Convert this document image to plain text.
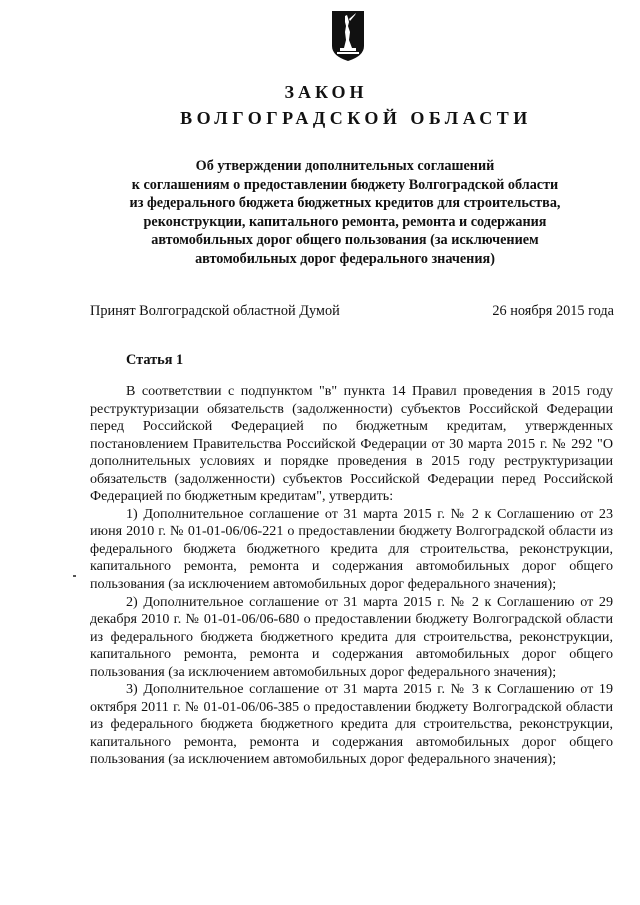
ЗАКОН
ВОЛГОГРАДСКОЙ ОБЛАСТИ
Об утверждении дополнительных соглашений
к соглашениям о предоставлении бюджету Волгоградской области
из федерального бюджета бюджетных кредитов для строительства,
реконструкции, капитального ремонта, ремонта и содержания
автомобильных дорог общего пользования (за исключением
автомобильных дорог федерального значения)
Принят Волгоградской областной Думой	26 ноября 2015 года
Статья 1

В соответствии с подпунктом "в" пункта 14 Правил проведения в 2015 году реструктуризации обязательств (задолженности) субъектов Российской Федерации перед Российской Федерацией по бюджетным кредитам, утвержденных постановлением Правительства Российской Федерации от 30 марта 2015 г. № 292 "О дополнительных условиях и порядке проведения в 2015 году реструктуризации обязательств (задолженности) субъектов Российской Федерации перед Российской Федерацией по бюджетным кредитам", утвердить:

1) Дополнительное соглашение от 31 марта 2015 г. № 2 к Соглашению от 23 июня 2010 г. № 01-01-06/06-221 о предоставлении бюджету Волгоградской области из федерального бюджета бюджетного кредита для строительства, реконструкции, капитального ремонта, ремонта и содержания автомобильных дорог общего пользования (за исключением автомобильных дорог федерального значения);

2) Дополнительное соглашение от 31 марта 2015 г. № 2 к Соглашению от 29 декабря 2010 г. № 01-01-06/06-680 о предоставлении бюджету Волгоградской области из федерального бюджета бюджетного кредита для строительства, реконструкции, капитального ремонта, ремонта и содержания автомобильных дорог общего пользования (за исключением автомобильных дорог федерального значения);

3) Дополнительное соглашение от 31 марта 2015 г. № 3 к Соглашению от 19 октября 2011 г. № 01-01-06/06-385 о предоставлении бюджету Волгоградской области из федерального бюджета бюджетного кредита для строительства, реконструкции, капитального ремонта, ремонта и содержания автомобильных дорог общего пользования (за исключением автомобильных дорог федерального значения);
